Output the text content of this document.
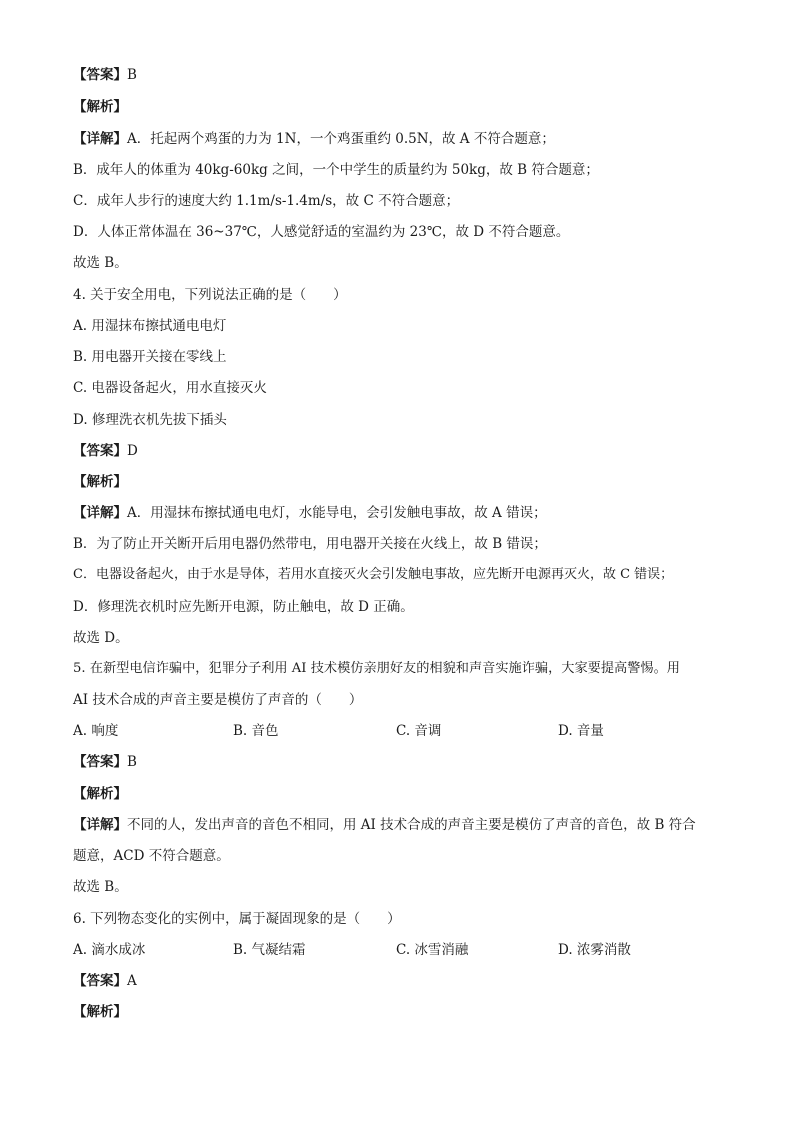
【答案】B
【解析】
【详解】A．托起两个鸡蛋的力为 1N，一个鸡蛋重约 0.5N，故 A 不符合题意；
B．成年人的体重为 40kg-60kg 之间，一个中学生的质量约为 50kg，故 B 符合题意；
C．成年人步行的速度大约 1.1m/s-1.4m/s，故 C 不符合题意；
D．人体正常体温在 36~37℃，人感觉舒适的室温约为 23℃，故 D 不符合题意。
故选 B。
4. 关于安全用电，下列说法正确的是（　　）
A. 用湿抹布擦拭通电电灯
B. 用电器开关接在零线上
C. 电器设备起火，用水直接灭火
D. 修理洗衣机先拔下插头
【答案】D
【解析】
【详解】A．用湿抹布擦拭通电电灯，水能导电，会引发触电事故，故 A 错误；
B．为了防止开关断开后用电器仍然带电，用电器开关接在火线上，故 B 错误；
C．电器设备起火，由于水是导体，若用水直接灭火会引发触电事故，应先断开电源再灭火，故 C 错误；
D．修理洗衣机时应先断开电源，防止触电，故 D 正确。
故选 D。
5. 在新型电信诈骗中，犯罪分子利用 AI 技术模仿亲朋好友的相貌和声音实施诈骗，大家要提高警惕。用
AI 技术合成的声音主要是模仿了声音的（　　）
A. 响度	B. 音色	C. 音调	D. 音量
【答案】B
【解析】
【详解】不同的人，发出声音的音色不相同，用 AI 技术合成的声音主要是模仿了声音的音色，故 B 符合
题意，ACD 不符合题意。
故选 B。
6. 下列物态变化的实例中，属于凝固现象的是（　　）
A. 滴水成冰	B. 气凝结霜	C. 冰雪消融	D. 浓雾消散
【答案】A
【解析】
